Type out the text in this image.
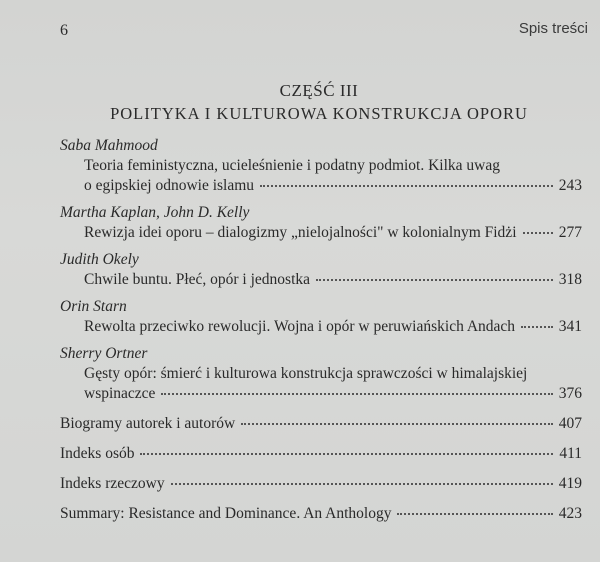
6	Spis treści
CZĘŚĆ III
POLITYKA I KULTUROWA KONSTRUKCJA OPORU
Saba Mahmood
Teoria feministyczna, ucieleśnienie i podatny podmiot. Kilka uwag
o egipskiej odnowie islamu	243
Martha Kaplan, John D. Kelly
Rewizja idei oporu – dialogizmy „nielojalności" w kolonialnym Fidżi	277
Judith Okely
Chwile buntu. Płeć, opór i jednostka	318
Orin Starn
Rewolta przeciwko rewolucji. Wojna i opór w peruwiańskich Andach	341
Sherry Ortner
Gęsty opór: śmierć i kulturowa konstrukcja sprawczości w himalajskiej
wspinaczce	376
Biogramy autorek i autorów	407
Indeks osób	411
Indeks rzeczowy	419
Summary: Resistance and Dominance. An Anthology	423
